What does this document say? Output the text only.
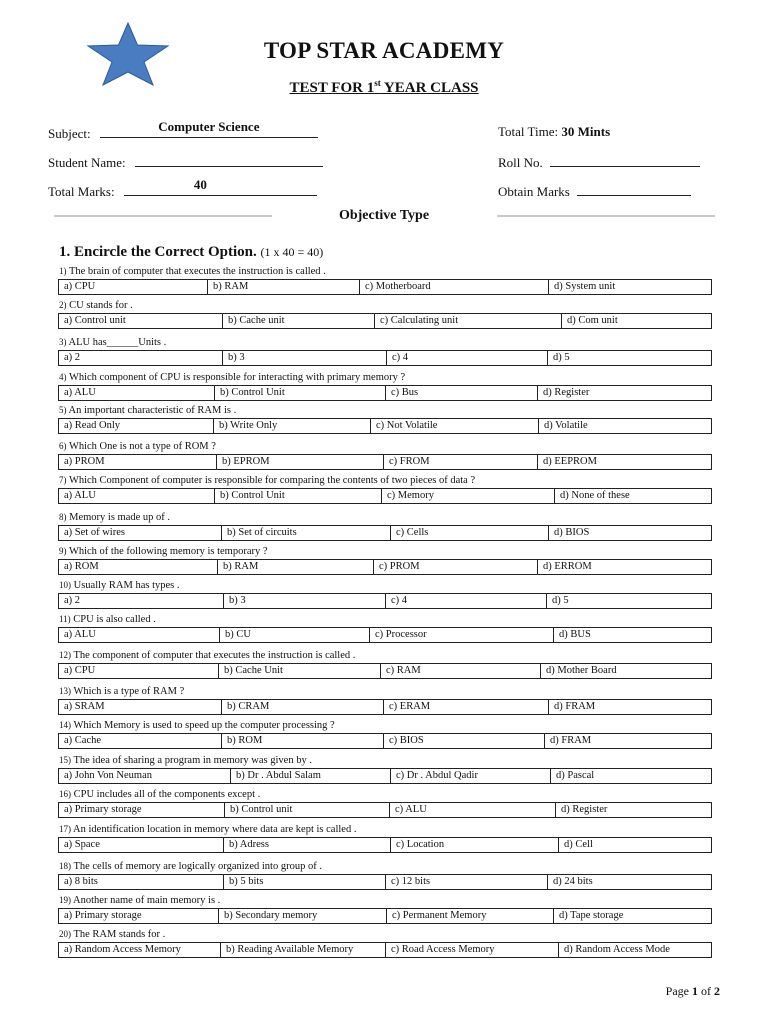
TOP STAR ACADEMY
TEST FOR 1st YEAR CLASS
Subject:	Computer Science
Student Name:
Total Marks:	40
Total Time: 30 Mints
Roll No.
Obtain Marks
Objective Type
1. Encircle the Correct Option. (1 x 40 = 40)
1) The brain of computer that executes the instruction is called .
a) CPU	b) RAM	c) Motherboard	d) System unit
2) CU stands for .
a) Control unit	b) Cache unit	c) Calculating unit	d) Com unit
3) ALU has______Units .
a) 2	b) 3	c) 4	d) 5
4) Which component of CPU is responsible for interacting with primary memory ?
a) ALU	b) Control Unit	c) Bus	d) Register
5) An important characteristic of RAM is .
a) Read Only	b) Write Only	c) Not Volatile	d) Volatile
6) Which One is not a type of ROM ?
a) PROM	b) EPROM	c) FROM	d) EEPROM
7) Which Component of computer is responsible for comparing the contents of two pieces of data ?
a) ALU	b) Control Unit	c) Memory	d) None of these
8) Memory is made up of .
a) Set of wires	b) Set of circuits	c) Cells	d) BIOS
9) Which of the following memory is temporary ?
a) ROM	b) RAM	c) PROM	d) ERROM
10) Usually RAM has types .
a) 2	b) 3	c) 4	d) 5
11) CPU is also called .
a) ALU	b) CU	c) Processor	d) BUS
12) The component of computer that executes the instruction is called .
a) CPU	b) Cache Unit	c) RAM	d) Mother Board
13) Which is a type of RAM ?
a) SRAM	b) CRAM	c) ERAM	d) FRAM
14) Which Memory is used to speed up the computer processing ?
a) Cache	b) ROM	c) BIOS	d) FRAM
15) The idea of sharing a program in memory was given by .
a) John Von Neuman	b) Dr . Abdul Salam	c) Dr . Abdul Qadir	d) Pascal
16) CPU includes all of the components except .
a) Primary storage	b) Control unit	c) ALU	d) Register
17) An identification location in memory where data are kept is called .
a) Space	b) Adress	c) Location	d) Cell
18) The cells of memory are logically organized into group of .
a) 8 bits	b) 5 bits	c) 12 bits	d) 24 bits
19) Another name of main memory is .
a) Primary storage	b) Secondary memory	c) Permanent Memory	d) Tape storage
20) The RAM stands for .
a) Random Access Memory	b) Reading Available Memory	c) Road Access Memory	d) Random Access Mode
Page 1 of 2
